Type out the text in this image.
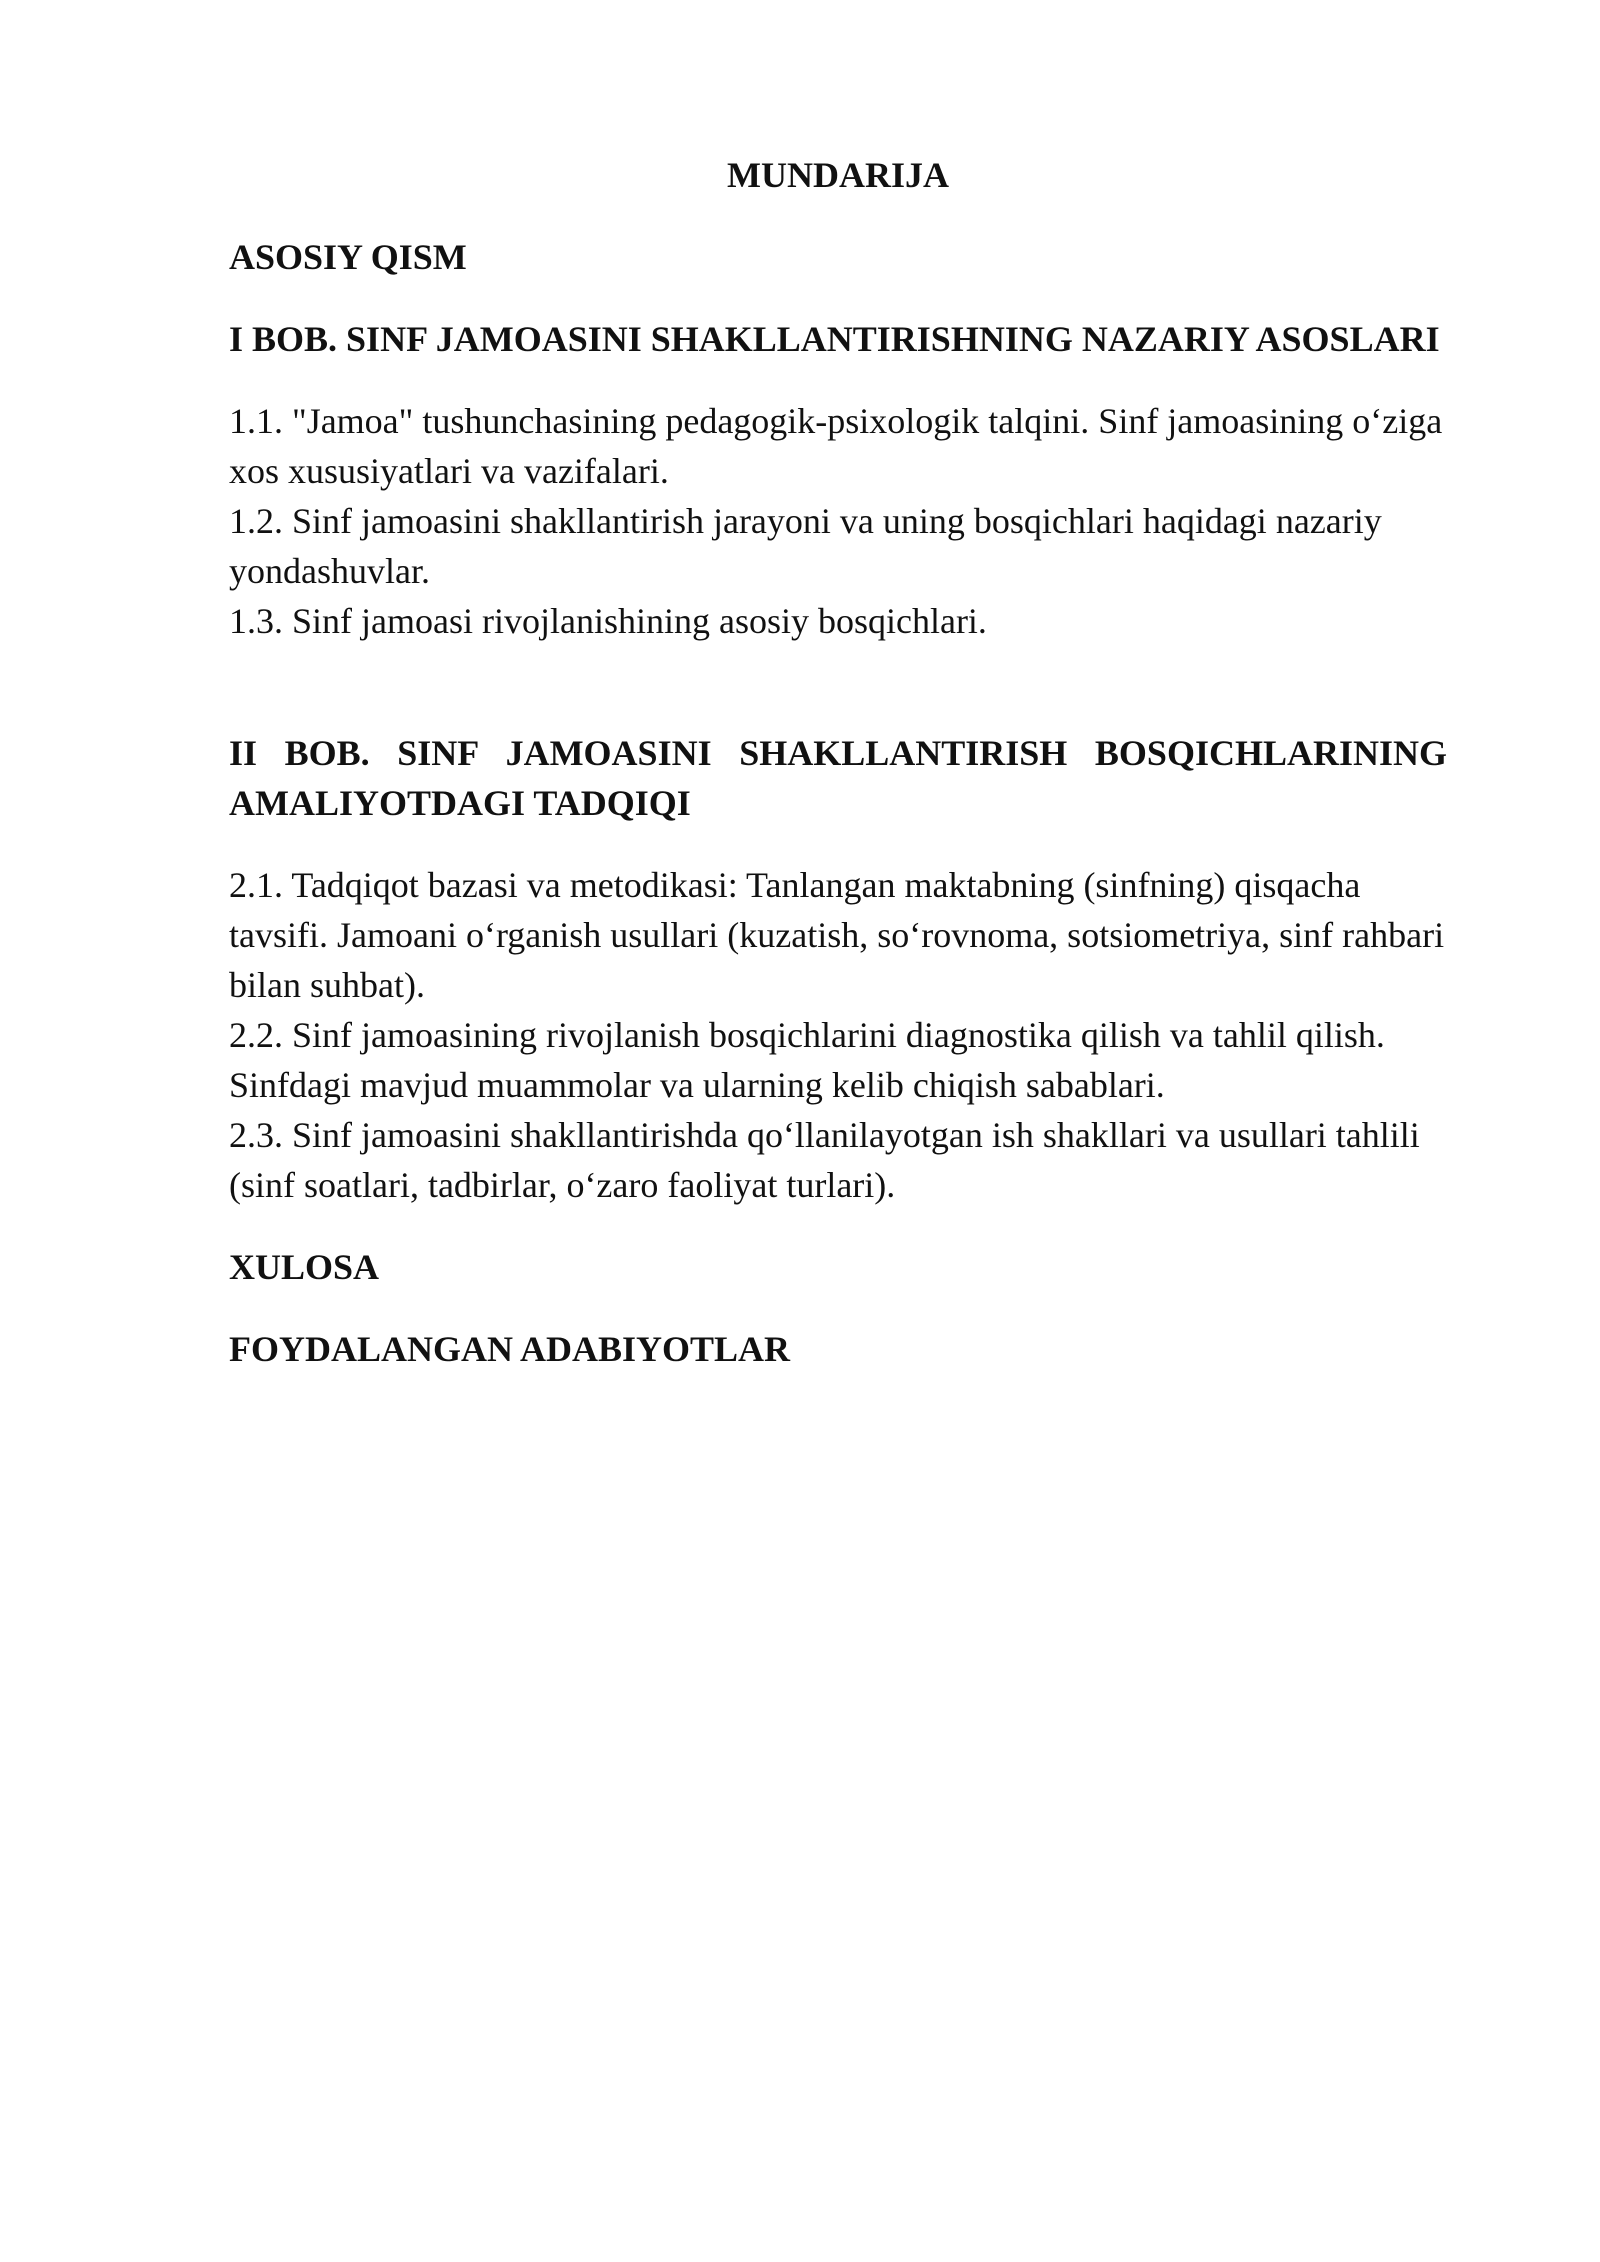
MUNDARIJA
ASOSIY QISM
I BOB. SINF JAMOASINI SHAKLLANTIRISHNING NAZARIY ASOSLARI

1.1. "Jamoa" tushunchasining pedagogik-psixologik talqini. Sinf jamoasining o‘ziga xos xususiyatlari va vazifalari.

1.2. Sinf jamoasini shakllantirish jarayoni va uning bosqichlari haqidagi nazariy yondashuvlar.

1.3. Sinf jamoasi rivojlanishining asosiy bosqichlari.

II BOB. SINF JAMOASINI SHAKLLANTIRISH BOSQICHLARINING AMALIYOTDAGI TADQIQI

2.1. Tadqiqot bazasi va metodikasi: Tanlangan maktabning (sinfning) qisqacha tavsifi. Jamoani o‘rganish usullari (kuzatish, so‘rovnoma, sotsiometriya, sinf rahbari bilan suhbat).

2.2. Sinf jamoasining rivojlanish bosqichlarini diagnostika qilish va tahlil qilish. Sinfdagi mavjud muammolar va ularning kelib chiqish sabablari.

2.3. Sinf jamoasini shakllantirishda qo‘llanilayotgan ish shakllari va usullari tahlili (sinf soatlari, tadbirlar, o‘zaro faoliyat turlari).

XULOSA
FOYDALANGAN ADABIYOTLAR
